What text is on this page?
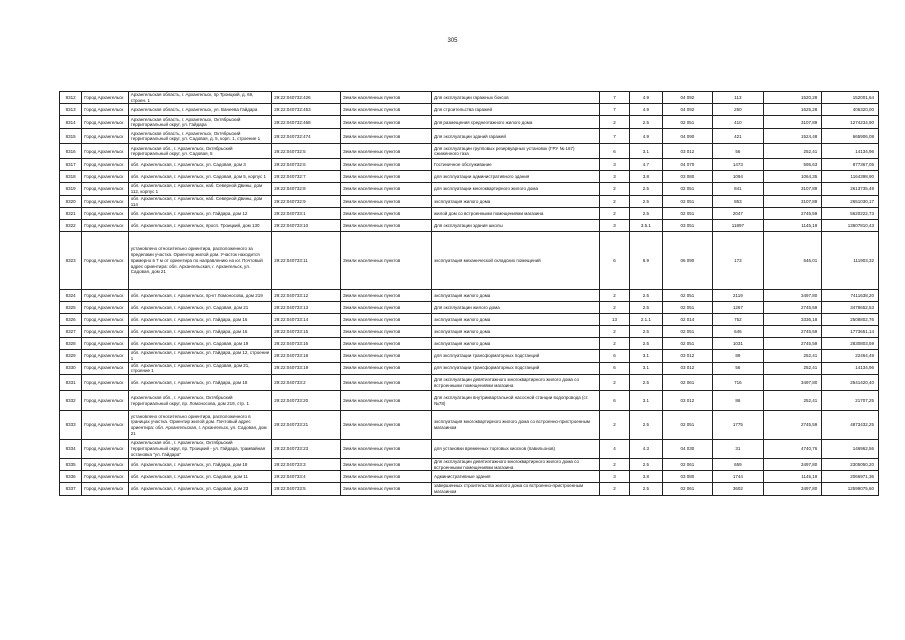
305
8312	Город Архангельск	Архангельская область, г. Архангельск, пр Троицкий, д. 69, строен. 1	29:22:040732:426	Земли населенных пунктов	Для эксплуатации гаражных боксов	7	4.9	04 092	113	1520,28	152001,64
8313	Город Архангельск	Архангельская область, г. Архангельск, ул. Ванеева Гайдара	29:22:040732:453	Земли населенных пунктов	Для строительства гаражей	7	4.9	04 092	250	1625,28	406320,00
8314	Город Архангельск	Архангельская область, г. Архангельск, Октябрьский территориальный округ, ул. Гайдара	29:22:040732:468	Земли населенных пунктов	Для размещения среднеэтажного жилого дома	2	2.5	02 051	410	3107,89	1274234,90
8315	Город Архангельск	Архангельская область, г. Архангельск, Октябрьский территориальный округ, ул. Садовая, д. 5, корп. 1, строение 1	29:22:040732:474	Земли населенных пунктов	Для эксплуатации зданий гаражей	7	4.9	04 090	421	1524,48	665906,08
8316	Город Архангельск	Архангельская обл., г. Архангельск, Октябрьский территориальный округ, ул. Садовая, 5	29:22:040732:5	Земли населенных пунктов	Для эксплуатации групповых резервуарных установок (ГРУ № 167) сжиженного газа	6	3.1	03 012	56	252,41	14134,96
8317	Город Архангельск	обл. Архангельская, г. Архангельск, ул. Садовая, дом 3	29:22:040732:6	Земли населенных пунктов	Гостиничное обслуживание	3	4.7	04 070	1473	595,63	877367,05
8318	Город Архангельск	обл. Архангельская, г. Архангельск, ул. Садовая, дом 5, корпус 1	29:22:040732:7	Земли населенных пунктов	для эксплуатации административного здания	3	3.8	03 080	1094	1064,35	1164398,90
8319	Город Архангельск	обл. Архангельская, г. Архангельск, наб. Северной Двины, дом 112, корпус 1	29:22:040732:8	Земли населенных пунктов	для эксплуатации многоквартирного жилого дома	2	2.5	02 051	841	3107,89	2613735,49
8320	Город Архангельск	обл. Архангельская, г. Архангельск, наб. Северной Двины, дом 114	29:22:040732:9	Земли населенных пунктов	эксплуатация жилого дома	2	2.5	02 051	853	3107,89	2651030,17
8321	Город Архангельск	обл. Архангельская, г. Архангельск, ул. Гайдара, дом 12	29:22:040733:1	Земли населенных пунктов	жилой дом со встроенными помещениями магазина	2	2.5	02 051	2047	2745,59	5620222,73
8322	Город Архангельск	обл. Архангельская, г. Архангельск, просп. Троицкий, дом 130	29:22:040733:10	Земли населенных пунктов	Для эксплуатации здания школы	3	3.5.1	03 051	11897	1145,19	13607810,43
8323	Город Архангельск	установлено относительно ориентира, расположенного за пределами участка. Ориентир жилой дом. Участок находится примерно в 7 м от ориентира по направлению на юг. Почтовый адрес ориентира: обл. Архангельская, г. Архангельск, ул. Садовая, дом 21	29:22:040733:11	Земли населенных пунктов	эксплуатация механической складских помещений	6	6.9	06 090	173	646,01	111903,32
8324	Город Архангельск	обл. Архангельская, г. Архангельск, пр-кт Ломоносова, дом 219	29:22:040733:12	Земли населенных пунктов	эксплуатация жилого дома	2	2.5	02 051	2119	3497,80	7411638,20
8325	Город Архангельск	обл. Архангельская, г. Архангельск, ул. Садовая, дом 21	29:22:040733:13	Земли населенных пунктов	Для эксплуатации жилого дома	2	2.5	02 051	1267	2745,59	3478652,53
8326	Город Архангельск	обл. Архангельская, г. Архангельск, ул. Гайдара, дом 16	29:22:040733:14	Земли населенных пунктов	эксплуатация жилого дома	13	2.1.1	02 014	752	3336,18	2508802,76
8327	Город Архангельск	обл. Архангельская, г. Архангельск, ул. Гайдара, дом 16	29:22:040733:15	Земли населенных пунктов	эксплуатация жилого дома	2	2.5	02 051	646	2745,59	1773651,14
8328	Город Архангельск	обл. Архангельская, г. Архангельск, ул. Садовая, дом 19	29:22:040733:16	Земли населенных пунктов	эксплуатация жилого дома	2	2.5	02 051	1031	2745,59	2830803,59
8329	Город Архангельск	обл. Архангельская, г. Архангельск, ул. Гайдара, дом 12, строение 1	29:22:040733:18	Земли населенных пунктов	для эксплуатации трансформаторных подстанций	6	3.1	03 012	89	252,41	22464,49
8330	Город Архангельск	обл. Архангельская, г. Архангельск, ул. Садовая, дом 21, строение 1	29:22:040733:19	Земли населенных пунктов	для эксплуатации трансформаторных подстанций	6	3.1	03 012	56	252,41	14134,96
8331	Город Архангельск	обл. Архангельская, г. Архангельск, ул. Гайдара, дом 18	29:22:040733:2	Земли населенных пунктов	Для эксплуатации девятиэтажного многоквартирного жилого дома со встроенными помещениями магазина	2	2.5	02 061	716	3497,80	2541420,40
8332	Город Архангельск	Архангельская обл., г. Архангельск, Октябрьский территориальный округ, пр. Ломоносова, дом 219, стр. 1	29:22:040733:20	Земли населенных пунктов	Для эксплуатации внутриквартальной насосной станции водопровода (ст.№78)	6	3.1	03 012	86	252,41	21707,25
8333	Город Архангельск	установлено относительно ориентира, расположенного в границах участка. Ориентир жилой дом. Почтовый адрес ориентира: обл. Архангельская, г. Архангельск, ул. Садовая, дом 21	29:22:040733:21	Земли населенных пунктов	эксплуатация многоквартирного жилого дома со встроенно-пристроенным магазином	2	2.5	02 051	1775	2745,59	4873432,25
8334	Город Архангельск	Архангельская обл., г. Архангельск, Октябрьский территориальный округ, пр. Троицкий - ул. Гайдара, трамвайная остановка "ул. Гайдара"	29:22:040733:23	Земли населенных пунктов	для установки временных торговых киосков (павильонов)	4	4.3	04 030	31	4740,76	146962,56
8335	Город Архангельск	обл. Архангельская, г. Архангельск, ул. Гайдара, дом 18	29:22:040733:3	Земли населенных пунктов	Для эксплуатации девятиэтажного многоквартирного жилого дома со встроенными помещениями магазина	2	2.5	02 061	659	3497,80	2305050,20
8336	Город Архангельск	обл. Архангельская, г. Архангельск, ул. Садовая, дом 11	29:22:040733:4	Земли населенных пунктов	Административные здания	3	3.8	03 080	1744	1145,19	2066971,36
8337	Город Архангельск	обл. Архангельская, г. Архангельск, ул. Садовая, дом 23	29:22:040733:5	Земли населенных пунктов	завершенных строительства жилого дома со встроенно-пристроенным магазином	2	2.5	02 061	3602	3497,80	12599075,60
